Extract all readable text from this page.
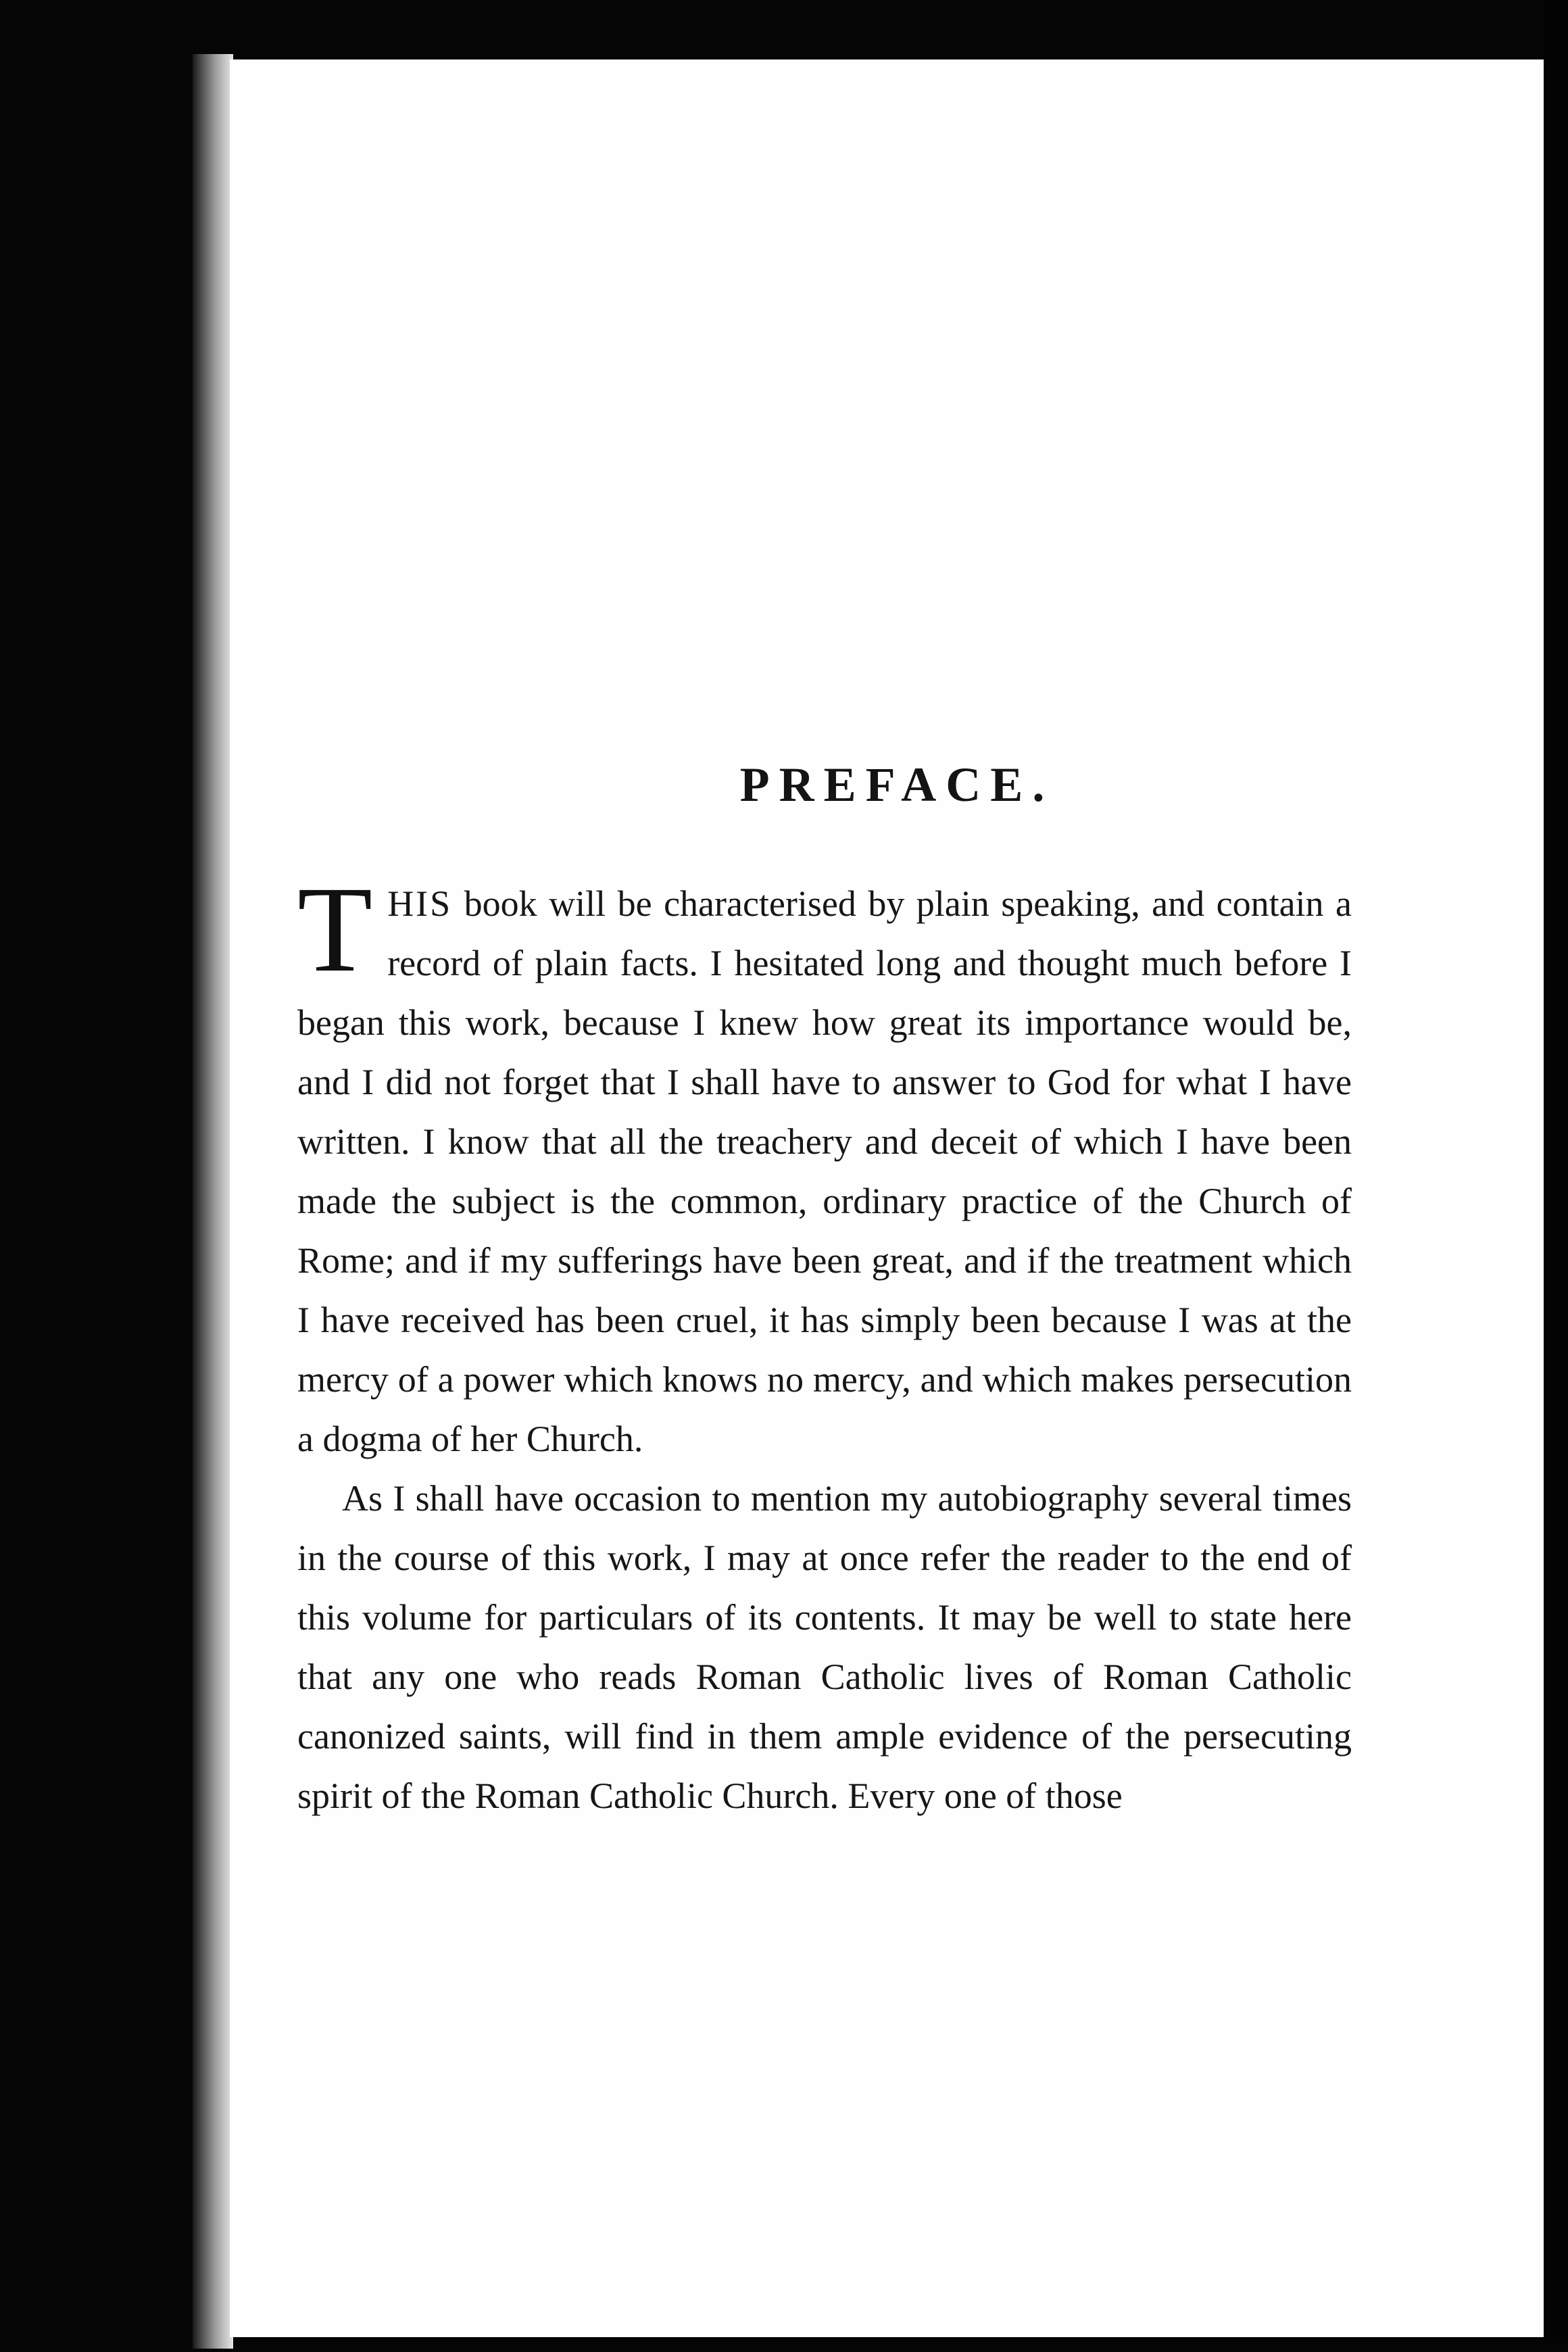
PREFACE.

THIS book will be characterised by plain speaking, and contain a record of plain facts. I hesitated long and thought much before I began this work, because I knew how great its importance would be, and I did not forget that I shall have to answer to God for what I have written. I know that all the treachery and deceit of which I have been made the subject is the common, ordinary practice of the Church of Rome; and if my sufferings have been great, and if the treatment which I have received has been cruel, it has simply been because I was at the mercy of a power which knows no mercy, and which makes persecution a dogma of her Church.

As I shall have occasion to mention my autobiography several times in the course of this work, I may at once refer the reader to the end of this volume for particulars of its contents. It may be well to state here that any one who reads Roman Catholic lives of Roman Catholic canonized saints, will find in them ample evidence of the persecuting spirit of the Roman Catholic Church. Every one of those
